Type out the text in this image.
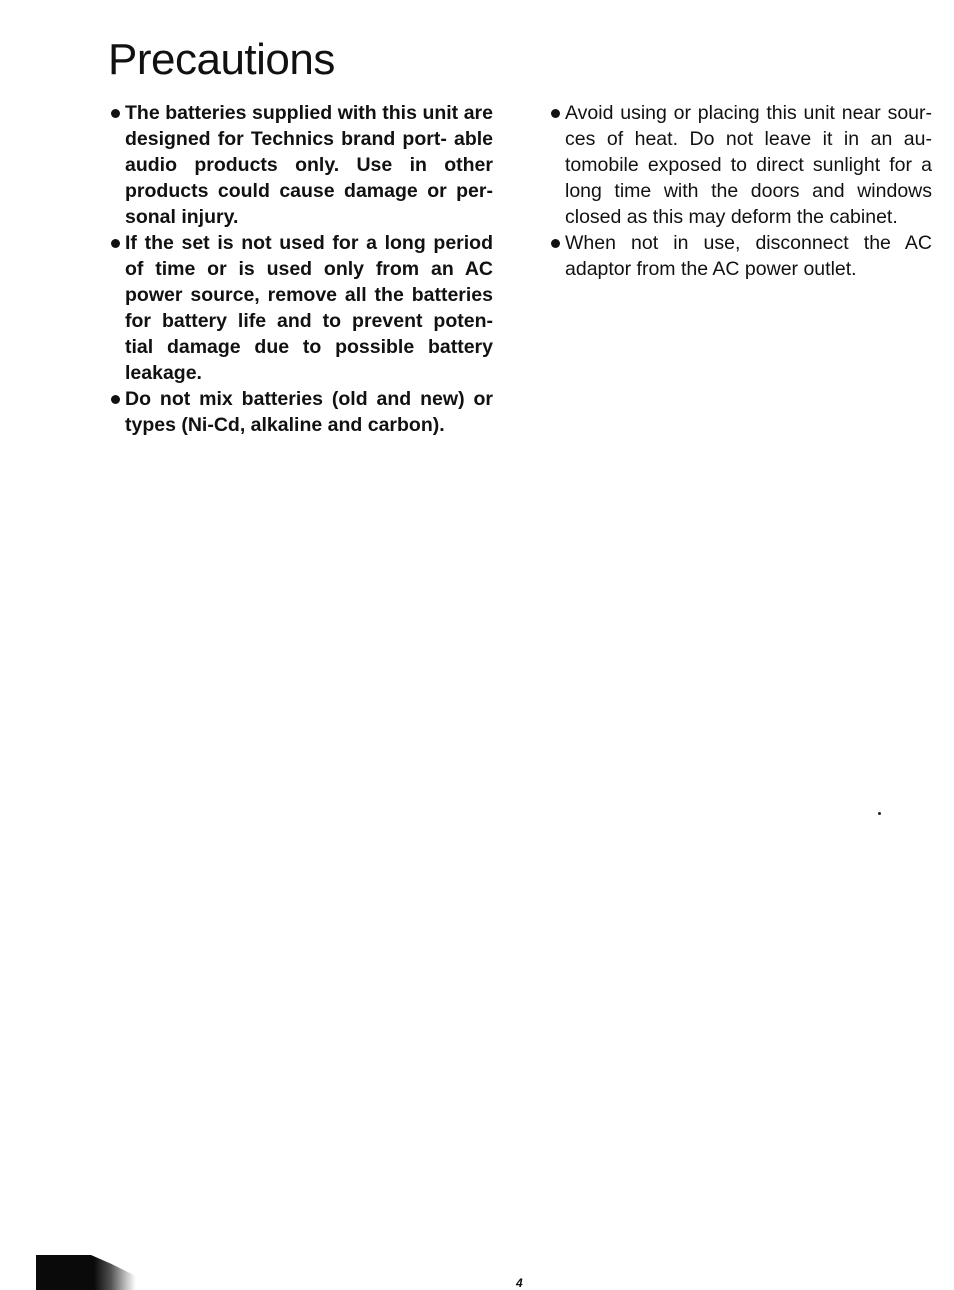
Precautions
The batteries supplied with this unit are designed for Technics brand port- able audio products only. Use in other products could cause damage or per- sonal injury.
If the set is not used for a long period of time or is used only from an AC power source, remove all the batteries for battery life and to prevent poten- tial damage due to possible battery leakage.
Do not mix batteries (old and new) or types (Ni-Cd, alkaline and carbon).
Avoid using or placing this unit near sour- ces of heat. Do not leave it in an au- tomobile exposed to direct sunlight for a long time with the doors and windows closed as this may deform the cabinet.
When not in use, disconnect the AC adaptor from the AC power outlet.
4
